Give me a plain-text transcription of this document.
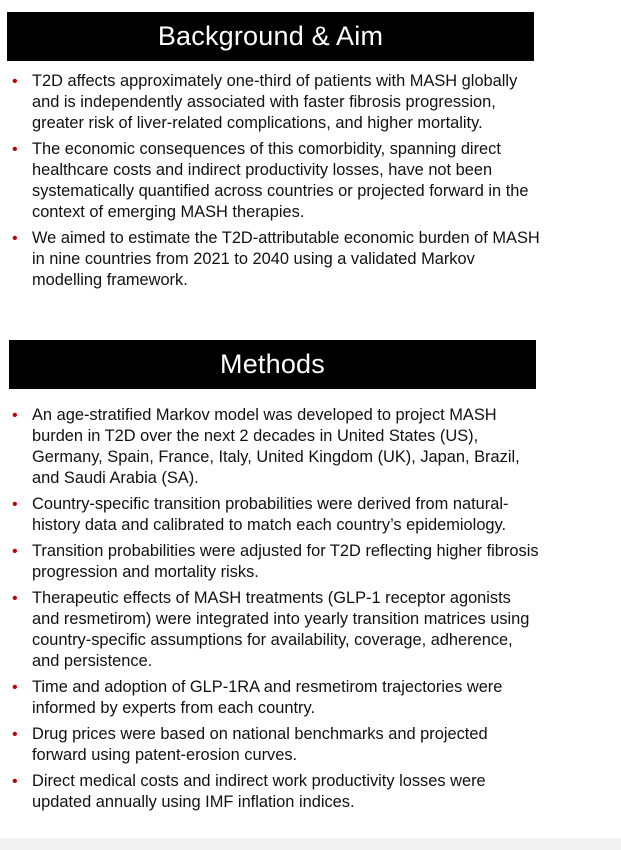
Background & Aim
• T2D affects approximately one-third of patients with MASH globally and is independently associated with faster fibrosis progression, greater risk of liver-related complications, and higher mortality.
• The economic consequences of this comorbidity, spanning direct healthcare costs and indirect productivity losses, have not been systematically quantified across countries or projected forward in the context of emerging MASH therapies.
• We aimed to estimate the T2D-attributable economic burden of MASH in nine countries from 2021 to 2040 using a validated Markov modelling framework.
Methods
• An age-stratified Markov model was developed to project MASH burden in T2D over the next 2 decades in United States (US), Germany, Spain, France, Italy, United Kingdom (UK), Japan, Brazil, and Saudi Arabia (SA).
• Country-specific transition probabilities were derived from natural-history data and calibrated to match each country’s epidemiology.
• Transition probabilities were adjusted for T2D reflecting higher fibrosis progression and mortality risks.
• Therapeutic effects of MASH treatments (GLP-1 receptor agonists and resmetirom) were integrated into yearly transition matrices using country-specific assumptions for availability, coverage, adherence, and persistence.
• Time and adoption of GLP-1RA and resmetirom trajectories were informed by experts from each country.
• Drug prices were based on national benchmarks and projected forward using patent-erosion curves.
• Direct medical costs and indirect work productivity losses were updated annually using IMF inflation indices.
